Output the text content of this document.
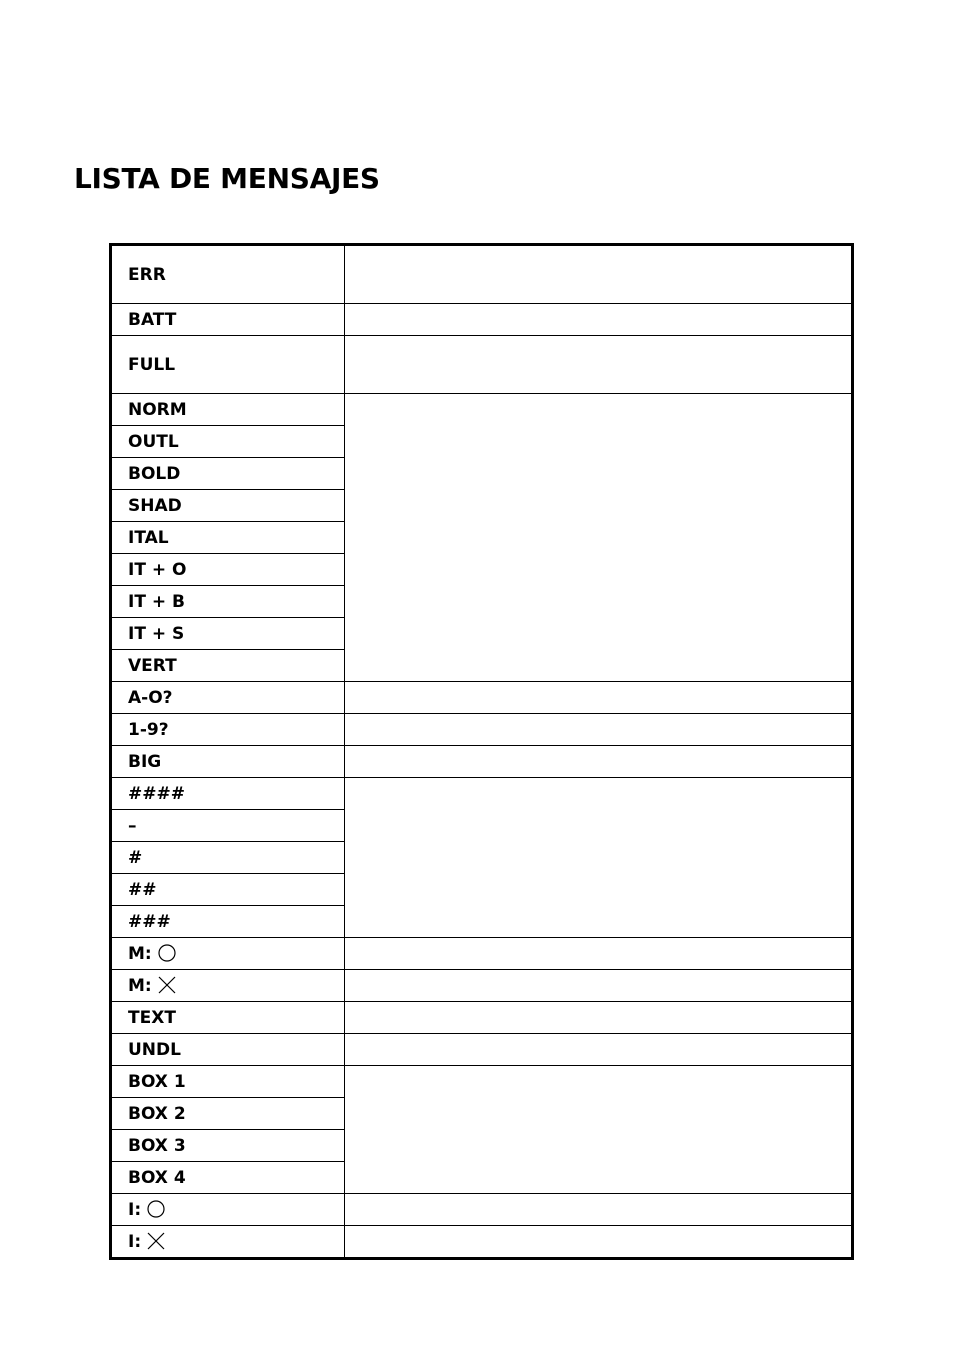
LISTA DE MENSAJES
ERR	
BATT	
FULL	
NORM	
OUTL	
BOLD	
SHAD	
ITAL	
IT + O	
IT + B	
IT + S	
VERT	
A-O?	
1-9?	
BIG	
####	
–	
#	
##	
###	
M:

M:

TEXT	
UNDL	
BOX 1	
BOX 2	
BOX 3	
BOX 4	
I:

I:
